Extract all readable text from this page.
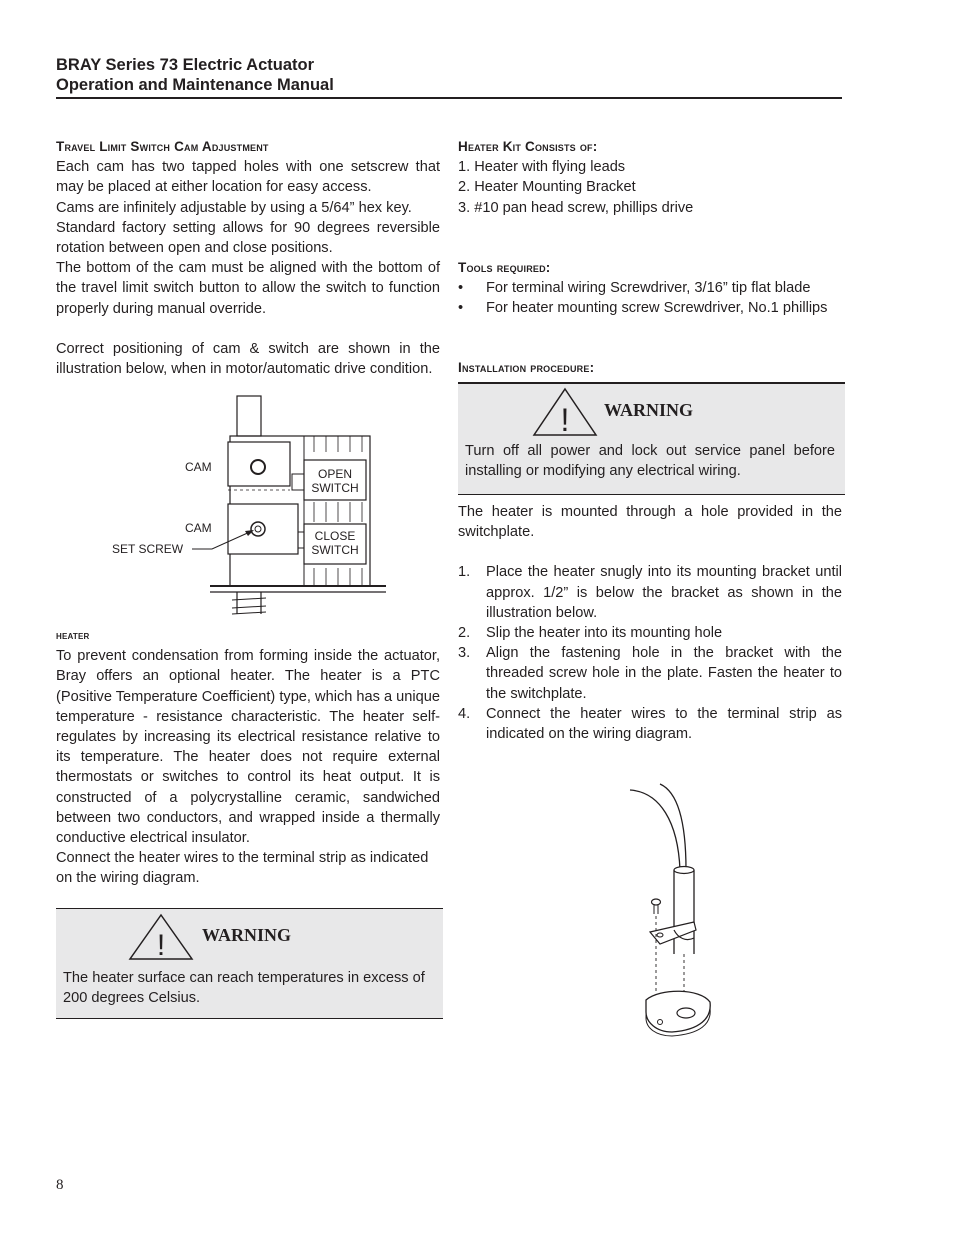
BRAY Series 73 Electric Actuator
Operation and Maintenance Manual
Travel Limit Switch Cam Adjustment

Each cam has two tapped holes with one setscrew that may be placed at either location for easy access.

Cams are infinitely adjustable by using a 5/64” hex key.

Standard factory setting allows for 90 degrees reversible rotation between open and close positions.

The bottom of the cam must be aligned with the bottom of the travel limit switch button to allow the switch to function properly during manual override.

Correct positioning of cam & switch are shown in the illustration below, when in motor/automatic drive condition.

OPEN
SWITCH
CLOSE
SWITCH
CAM
CAM
SET SCREW
heater

To prevent condensation from forming inside the actuator, Bray offers an optional heater. The heater is a PTC (Positive Temperature Coefficient) type, which has a unique temperature - resistance characteristic. The heater self-regulates by increasing its electrical resistance relative to its temperature. The heater does not require external thermostats or switches to control its heat output. It is constructed of a polycrystalline ceramic, sandwiched between two conductors, and wrapped inside a thermally conductive electrical insulator.

Connect the heater wires to the terminal strip as indicated on the wiring diagram.

! WARNING

The heater surface can reach temperatures in excess of 200 degrees Celsius.

Heater Kit Consists of:

1. Heater with flying leads

2. Heater Mounting Bracket

3. #10 pan head screw, phillips drive

Tools required:
•	For terminal wiring Screwdriver, 3/16” tip flat blade
•	For heater mounting screw Screwdriver, No.1 phillips
Installation procedure:
! WARNING

Turn off all power and lock out service panel before installing or modifying any electrical wiring.

The heater is mounted through a hole provided in the switchplate.

1.	Place the heater snugly into its mounting bracket until approx. 1/2” is below the bracket as shown in the illustration below.
2.	Slip the heater into its mounting hole
3.	Align the fastening hole in the bracket with the threaded screw hole in the plate. Fasten the heater to the switchplate.
4.	Connect the heater wires to the terminal strip as indicated on the wiring diagram.
8
